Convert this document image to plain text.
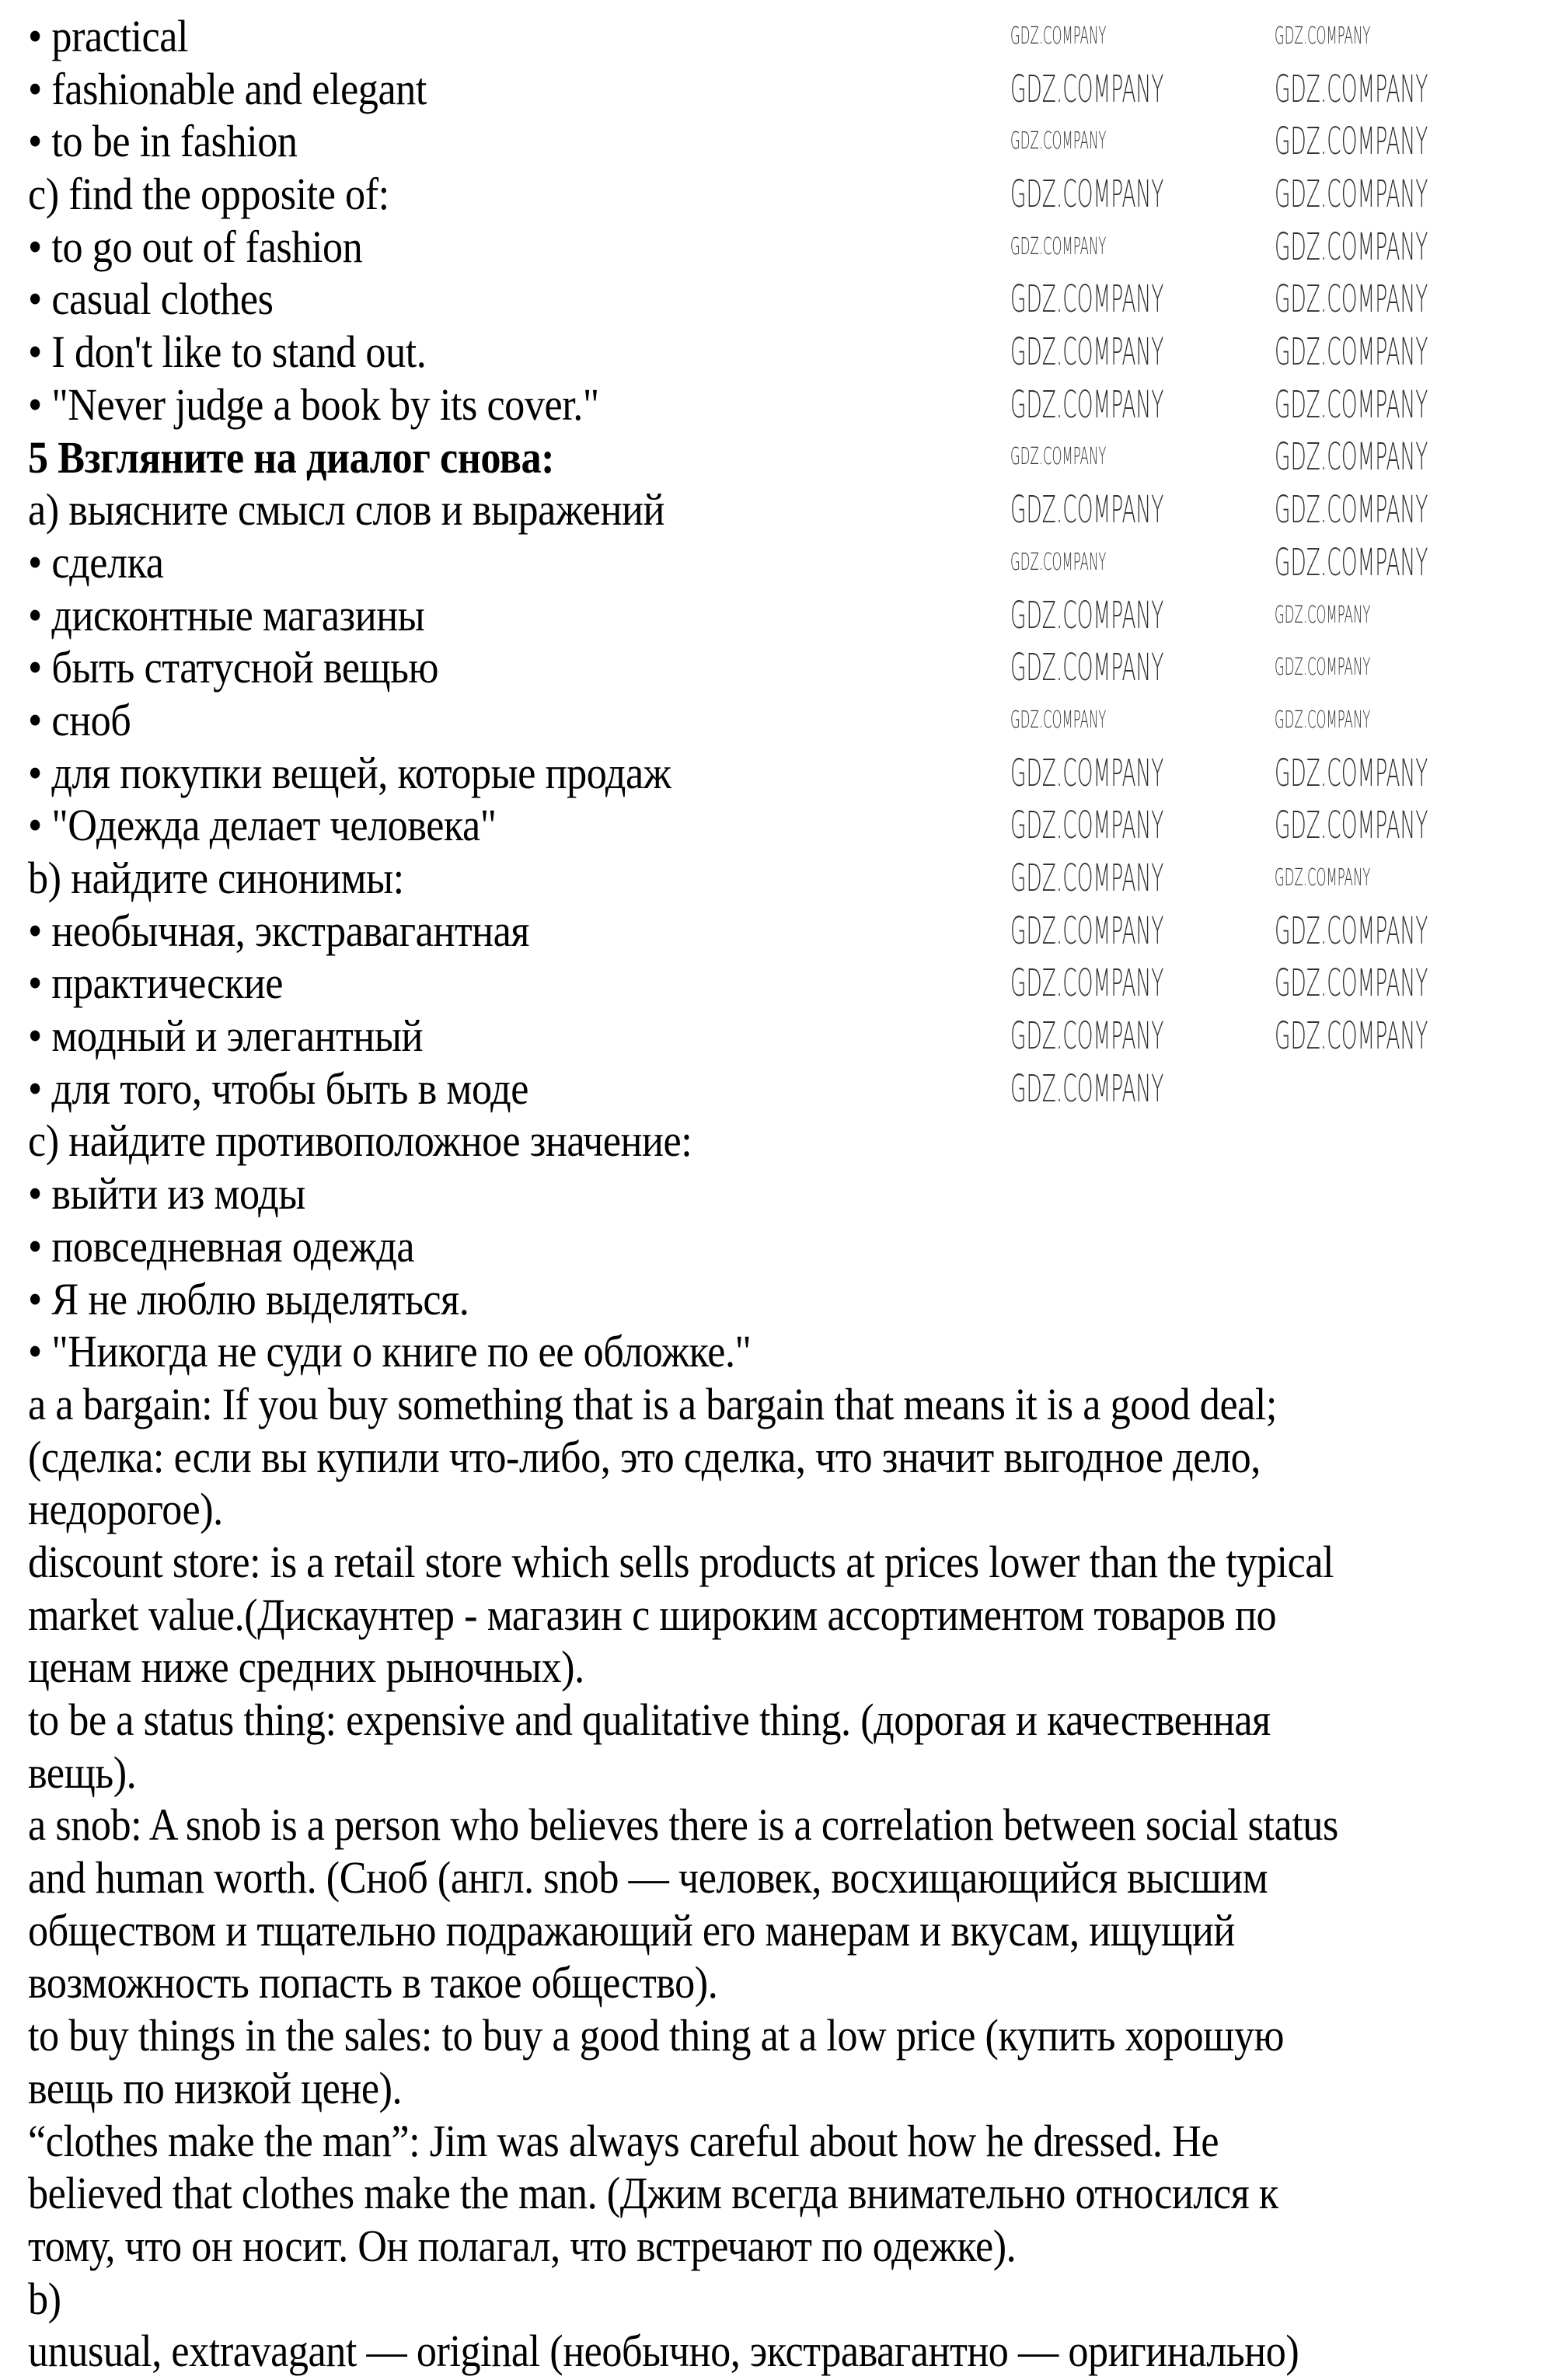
• practical
• fashionable and elegant
• to be in fashion
c) find the opposite of:
• to go out of fashion
• casual clothes
• I don't like to stand out.
• "Never judge a book by its cover."
5 Взгляните на диалог снова:
a) выясните смысл слов и выражений
• сделка
• дисконтные магазины
• быть статусной вещью
• сноб
• для покупки вещей, которые продаж
• "Одежда делает человека"
b) найдите синонимы:
• необычная, экстравагантная
• практические
• модный и элегантный
• для того, чтобы быть в моде
c) найдите противоположное значение:
• выйти из моды
• повседневная одежда
• Я не люблю выделяться.
• "Никогда не суди о книге по ее обложке."
a a bargain: If you buy something that is a bargain that means it is a good deal;
(сделка: если вы купили что-либо, это сделка, что значит выгодное дело,
недорогое).
discount store: is a retail store which sells products at prices lower than the typical
market value.(Дискаунтер - магазин с широким ассортиментом товаров по
ценам ниже средних рыночных).
to be a status thing: expensive and qualitative thing. (дорогая и качественная
вещь).
a snob: A snob is a person who believes there is a correlation between social status
and human worth. (Сноб (англ. snob — человек, восхищающийся высшим
обществом и тщательно подражающий его манерам и вкусам, ищущий
возможность попасть в такое общество).
to buy things in the sales: to buy a good thing at a low price (купить хорошую
вещь по низкой цене).
“clothes make the man”: Jim was always careful about how he dressed. He
believed that clothes make the man. (Джим всегда внимательно относился к
тому, что он носит. Он полагал, что встречают по одежке).
b)
unusual, extravagant — original (необычно, экстравагантно — оригинально)
GDZ.COMPANY	GDZ.COMPANY
GDZ.COMPANY	GDZ.COMPANY
GDZ.COMPANY	GDZ.COMPANY
GDZ.COMPANY	GDZ.COMPANY
GDZ.COMPANY	GDZ.COMPANY
GDZ.COMPANY	GDZ.COMPANY
GDZ.COMPANY	GDZ.COMPANY
GDZ.COMPANY	GDZ.COMPANY
GDZ.COMPANY	GDZ.COMPANY
GDZ.COMPANY	GDZ.COMPANY
GDZ.COMPANY	GDZ.COMPANY
GDZ.COMPANY	GDZ.COMPANY
GDZ.COMPANY	GDZ.COMPANY
GDZ.COMPANY	GDZ.COMPANY
GDZ.COMPANY	GDZ.COMPANY
GDZ.COMPANY	GDZ.COMPANY
GDZ.COMPANY	GDZ.COMPANY
GDZ.COMPANY	GDZ.COMPANY
GDZ.COMPANY	GDZ.COMPANY
GDZ.COMPANY	GDZ.COMPANY
GDZ.COMPANY
